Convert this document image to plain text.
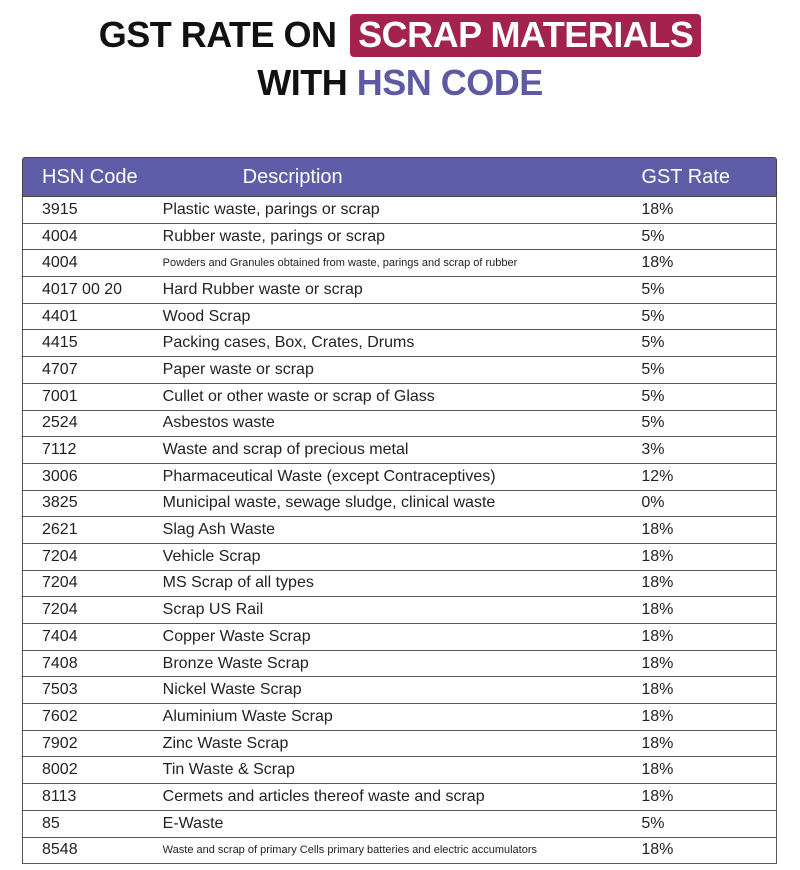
GST RATE ON SCRAP MATERIALS
WITH HSN CODE
HSN Code	Description	GST Rate
3915	Plastic waste, parings or scrap	18%
4004	Rubber waste, parings or scrap	5%
4004	Powders and Granules obtained from waste, parings and scrap of rubber	18%
4017 00 20	Hard Rubber waste or scrap	5%
4401	Wood Scrap	5%
4415	Packing cases, Box, Crates, Drums	5%
4707	Paper waste or scrap	5%
7001	Cullet or other waste or scrap of Glass	5%
2524	Asbestos waste	5%
7112	Waste and scrap of precious metal	3%
3006	Pharmaceutical Waste (except Contraceptives)	12%
3825	Municipal waste, sewage sludge, clinical waste	0%
2621	Slag Ash Waste	18%
7204	Vehicle Scrap	18%
7204	MS Scrap of all types	18%
7204	Scrap US Rail	18%
7404	Copper Waste Scrap	18%
7408	Bronze Waste Scrap	18%
7503	Nickel Waste Scrap	18%
7602	Aluminium Waste Scrap	18%
7902	Zinc Waste Scrap	18%
8002	Tin Waste & Scrap	18%
8113	Cermets and articles thereof waste and scrap	18%
85	E-Waste	5%
8548	Waste and scrap of primary Cells primary batteries and electric accumulators	18%
